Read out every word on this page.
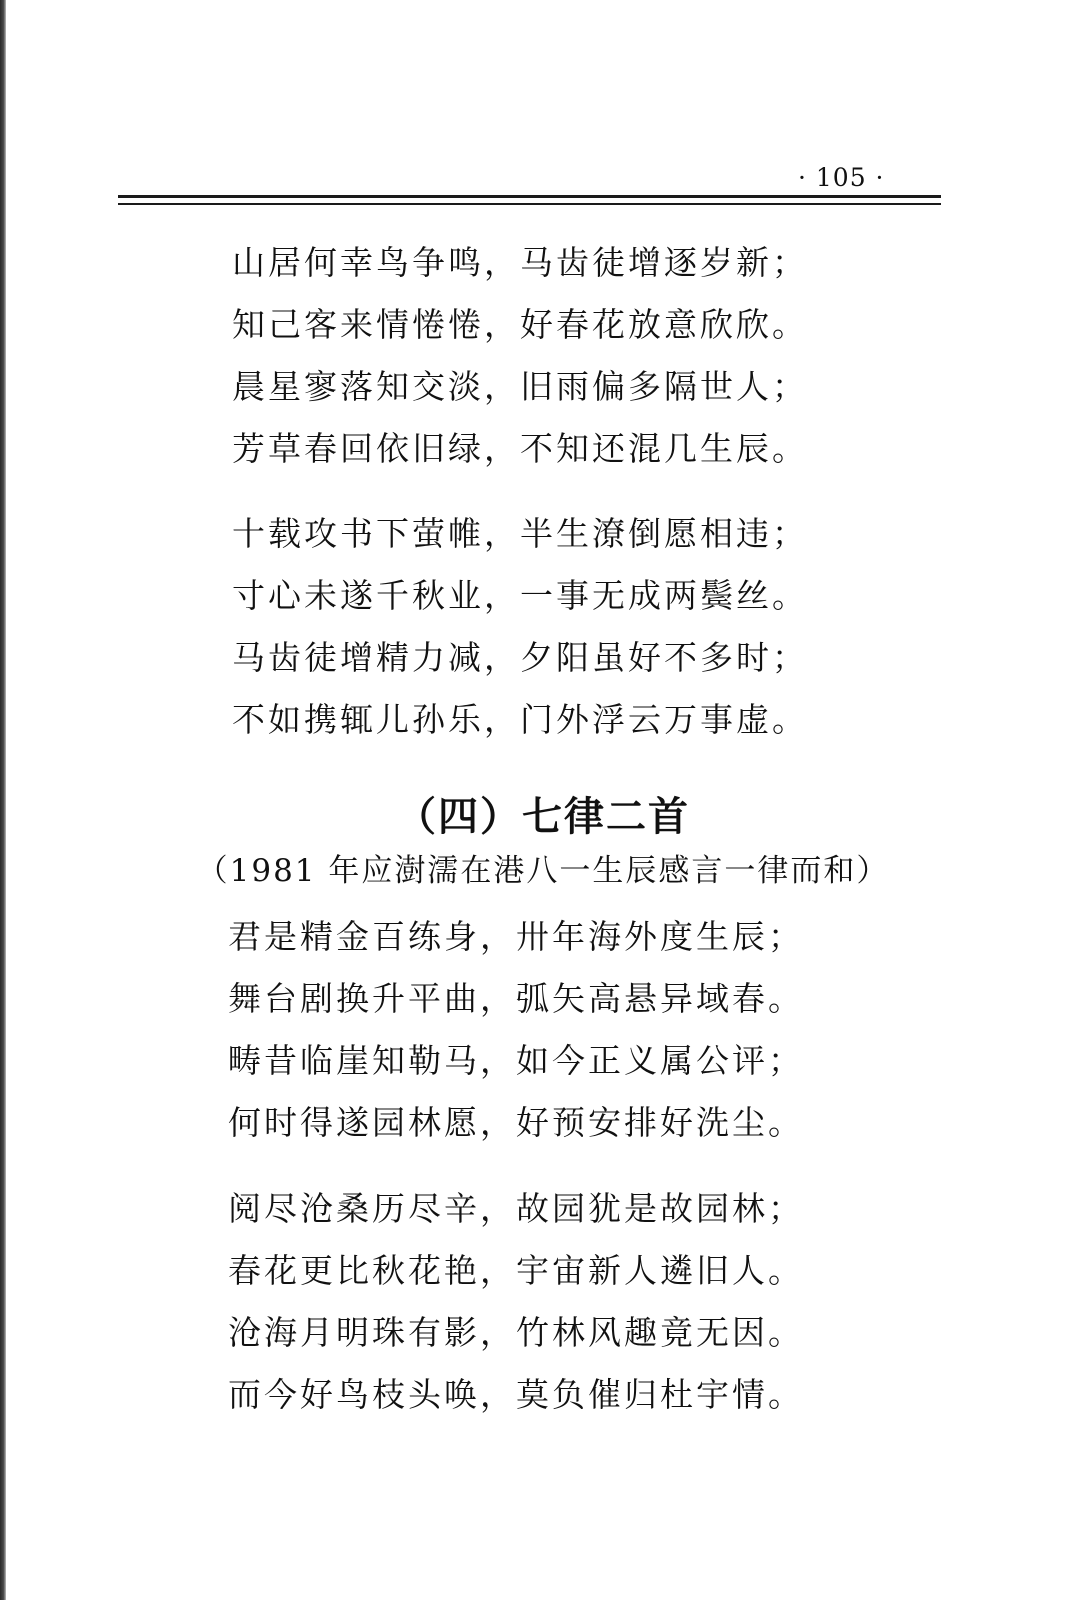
· 105 ·
山居何幸鸟争鸣，马齿徒增逐岁新；
知己客来情惓惓，好春花放意欣欣。
晨星寥落知交淡，旧雨偏多隔世人；
芳草春回依旧绿，不知还混几生辰。
十载攻书下萤帷，半生潦倒愿相违；
寸心未遂千秋业，一事无成两鬓丝。
马齿徒增精力减，夕阳虽好不多时；
不如携辄儿孙乐，门外浮云万事虚。
（四）七律二首
（1981 年应澍濡在港八一生辰感言一律而和）
君是精金百练身，卅年海外度生辰；
舞台剧换升平曲，弧矢高悬异域春。
畴昔临崖知勒马，如今正义属公评；
何时得遂园林愿，好预安排好洗尘。
阅尽沧桑历尽辛，故园犹是故园林；
春花更比秋花艳，宇宙新人遴旧人。
沧海月明珠有影，竹林风趣竟无因。
而今好鸟枝头唤，莫负催归杜宇情。
